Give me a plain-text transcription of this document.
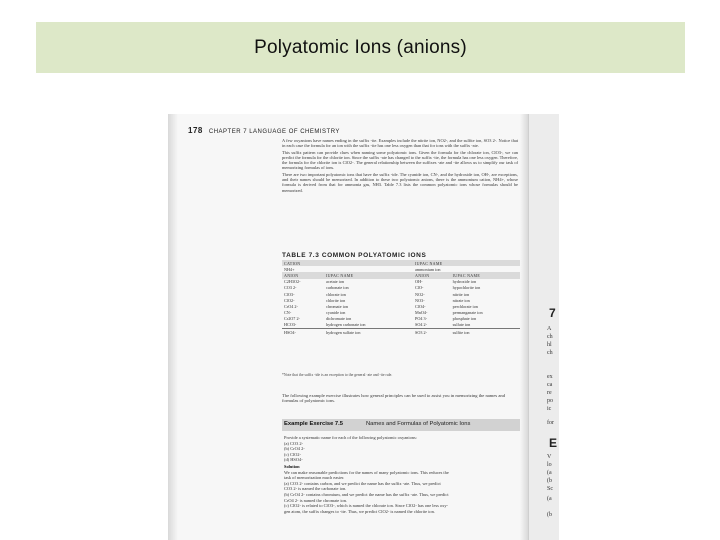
Polyatomic Ions (anions)
178 CHAPTER 7 LANGUAGE OF CHEMISTRY

A few oxyanions have names ending in the suffix -ite. Examples include the nitrite ion, NO2-, and the sulfite ion, SO3 2-. Notice that in each case the formula for an ion with the suffix -ite has one less oxygen than that for ions with the suffix -ate.

This suffix pattern can provide clues when naming some polyatomic ions. Given the formula for the chlorate ion, ClO3-, we can predict the formula for the chlorite ion. Since the suffix -ate has changed to the suffix -ite, the formula has one less oxygen. Therefore, the formula for the chlorite ion is ClO2-. The general relationship between the suffixes -ate and -ite allows us to simplify our task of memorizing formulas of ions.

There are two important polyatomic ions that have the suffix -ide. The cyanide ion, CN-, and the hydroxide ion, OH-, are exceptions, and their names should be memorized. In addition to these two polyatomic anions, there is the ammonium cation, NH4+, whose formula is derived from that for ammonia gas, NH3. Table 7.3 lists the common polyatomic ions whose formulas should be memorized.

TABLE 7.3 COMMON POLYATOMIC IONS
CATION		IUPAC NAME	
NH4+		ammonium ion	
ANION	IUPAC NAME	ANION	IUPAC NAME
C2H3O2-	acetate ion	OH-	hydroxide ion
CO3 2-	carbonate ion	ClO-	hypochlorite ion
ClO3-	chlorate ion	NO2-	nitrite ion
ClO2-	chlorite ion	NO3-	nitrate ion
CrO4 2-	chromate ion	ClO4-	perchlorate ion
CN-	cyanide ion	MnO4-	permanganate ion
Cr2O7 2-	dichromate ion	PO4 3-	phosphate ion
HCO3-	hydrogen carbonate ion	SO4 2-	sulfate ion
HSO4-	hydrogen sulfate ion	SO3 2-	sulfite ion
*Note that the suffix -ide is an exception to the general -ate and -ite rule.
The following example exercise illustrates how general principles can be used to assist you in memorizing the names and formulas of polyatomic ions.
Example Exercise 7.5	Names and Formulas of Polyatomic Ions
Provide a systematic name for each of the following polyatomic oxyanions:
(a) CO3 2-
(b) CrO4 2-
(c) ClO2-
(d) HSO4-
Solution
We can make reasonable predictions for the names of many polyatomic ions. This reduces the
task of memorization much easier.
(a) CO3 2- contains carbon, and we predict the name has the suffix -ate. Thus, we predict
CO3 2- is named the carbonate ion.
(b) CrO4 2- contains chromium, and we predict the name has the suffix -ate. Thus, we predict
CrO4 2- is named the chromate ion.
(c) ClO2- is related to ClO3-, which is named the chlorate ion. Since ClO2- has one less oxy-
gen atom, the suffix changes to -ite. Thus, we predict ClO2- is named the chlorite ion.
7
A
ch
hl
ch
ex
ca
re
po
ic
for
E
V
lo
(a
(b
Sc
(a
(b
